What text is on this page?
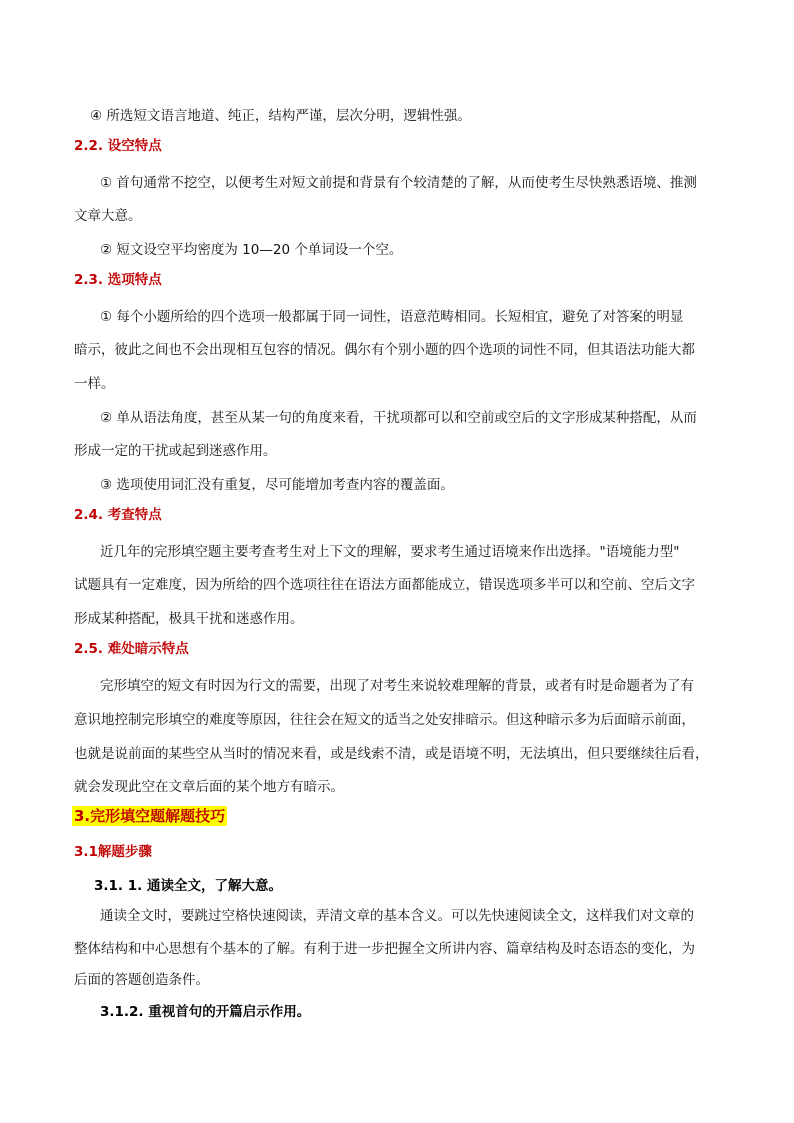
④ 所选短文语言地道、纯正，结构严谨，层次分明，逻辑性强。
2.2. 设空特点
① 首句通常不挖空，以便考生对短文前提和背景有个较清楚的了解，从而使考生尽快熟悉语境、推测
文章大意。
② 短文设空平均密度为 10—20 个单词设一个空。
2.3. 选项特点
① 每个小题所给的四个选项一般都属于同一词性，语意范畴相同。长短相宜，避免了对答案的明显
暗示，彼此之间也不会出现相互包容的情况。偶尔有个别小题的四个选项的词性不同，但其语法功能大都
一样。
② 单从语法角度，甚至从某一句的角度来看，干扰项都可以和空前或空后的文字形成某种搭配，从而
形成一定的干扰或起到迷惑作用。
③ 选项使用词汇没有重复，尽可能增加考查内容的覆盖面。
2.4. 考查特点
近几年的完形填空题主要考查考生对上下文的理解，要求考生通过语境来作出选择。"语境能力型"
试题具有一定难度，因为所给的四个选项往往在语法方面都能成立，错误选项多半可以和空前、空后文字
形成某种搭配，极具干扰和迷惑作用。
2.5. 难处暗示特点
完形填空的短文有时因为行文的需要，出现了对考生来说较难理解的背景，或者有时是命题者为了有
意识地控制完形填空的难度等原因，往往会在短文的适当之处安排暗示。但这种暗示多为后面暗示前面，
也就是说前面的某些空从当时的情况来看，或是线索不清，或是语境不明，无法填出，但只要继续往后看，
就会发现此空在文章后面的某个地方有暗示。
3.完形填空题解题技巧
3.1解题步骤
3.1. 1. 通读全文，了解大意。
通读全文时，要跳过空格快速阅读，弄清文章的基本含义。可以先快速阅读全文，这样我们对文章的
整体结构和中心思想有个基本的了解。有利于进一步把握全文所讲内容、篇章结构及时态语态的变化，为
后面的答题创造条件。
3.1.2. 重视首句的开篇启示作用。
